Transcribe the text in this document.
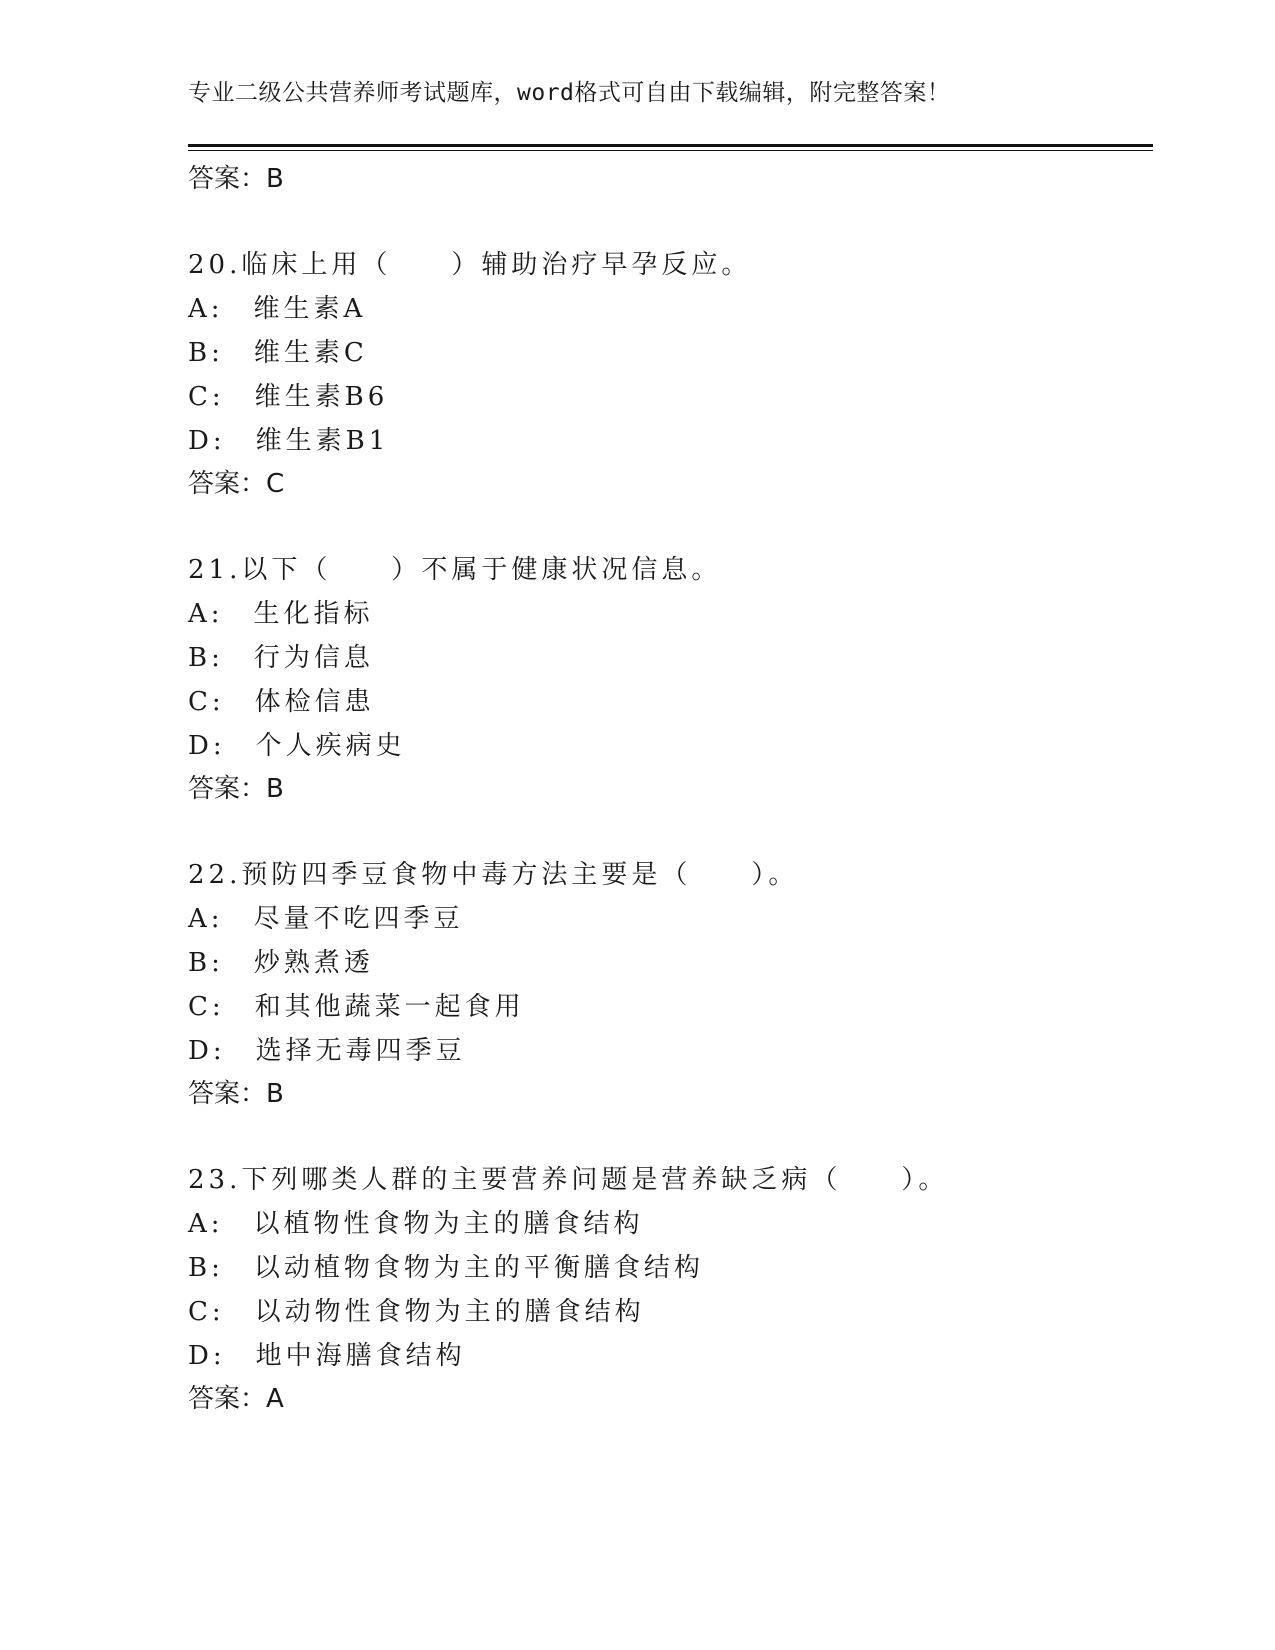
专业二级公共营养师考试题库，word格式可自由下载编辑，附完整答案！
答案：B
20.临床上用（　　）辅助治疗早孕反应。
A:　维生素A
B:　维生素C
C:　维生素B6
D:　维生素B1
答案：C
21.以下（　　）不属于健康状况信息。
A:　生化指标
B:　行为信息
C:　体检信患
D:　个人疾病史
答案：B
22.预防四季豆食物中毒方法主要是（　　）。
A:　尽量不吃四季豆
B:　炒熟煮透
C:　和其他蔬菜一起食用
D:　选择无毒四季豆
答案：B
23.下列哪类人群的主要营养问题是营养缺乏病（　　）。
A:　以植物性食物为主的膳食结构
B:　以动植物食物为主的平衡膳食结构
C:　以动物性食物为主的膳食结构
D:　地中海膳食结构
答案：A
